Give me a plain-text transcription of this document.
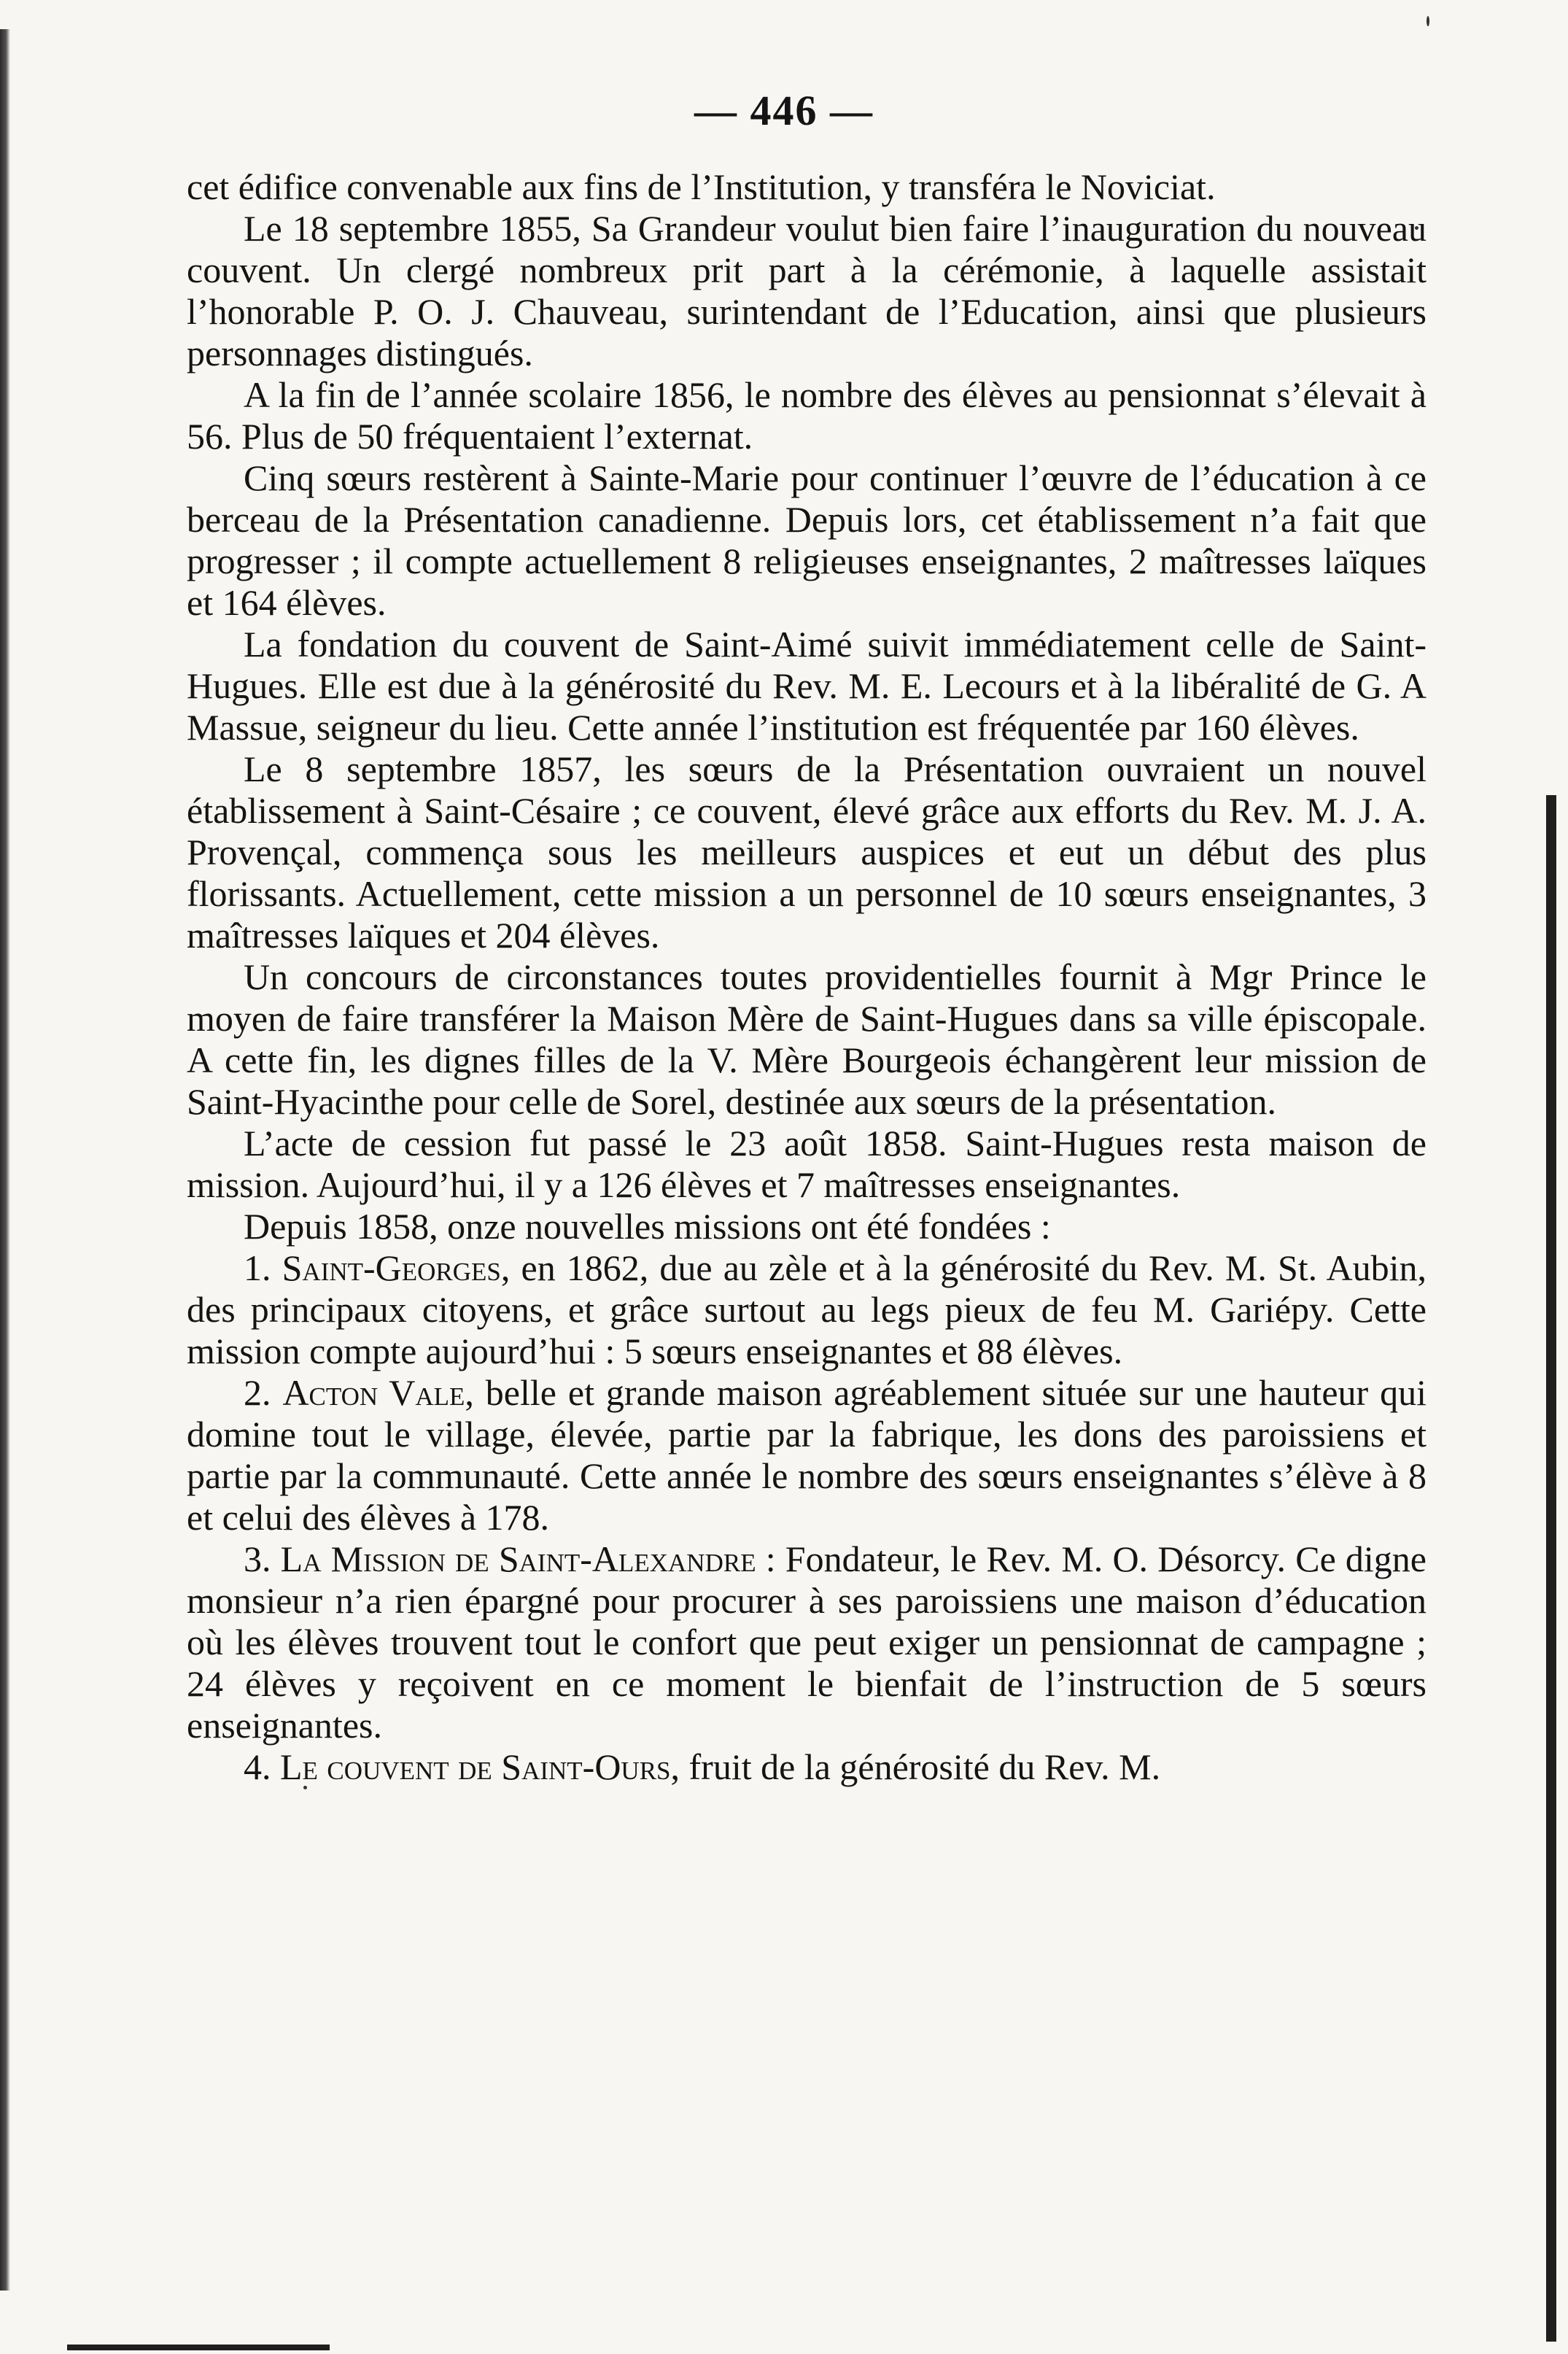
— 446 —

cet édifice convenable aux fins de l’Institution, y transféra le Noviciat.

Le 18 septembre 1855, Sa Grandeur voulut bien faire l’inauguration du nouveau couvent. Un clergé nombreux prit part à la cérémonie, à laquelle assistait l’honorable P. O. J. Chauveau, surintendant de l’Education, ainsi que plusieurs personnages distingués.

A la fin de l’année scolaire 1856, le nombre des élèves au pensionnat s’élevait à 56. Plus de 50 fréquentaient l’externat.

Cinq sœurs restèrent à Sainte-Marie pour continuer l’œuvre de l’éducation à ce berceau de la Présentation canadienne. Depuis lors, cet établissement n’a fait que progresser ; il compte actuellement 8 religieuses enseignantes, 2 maîtresses laïques et 164 élèves.

La fondation du couvent de Saint-Aimé suivit immédiatement celle de Saint-Hugues. Elle est due à la générosité du Rev. M. E. Lecours et à la libéralité de G. A Massue, seigneur du lieu. Cette année l’institution est fréquentée par 160 élèves.

Le 8 septembre 1857, les sœurs de la Présentation ouvraient un nouvel établissement à Saint-Césaire ; ce couvent, élevé grâce aux efforts du Rev. M. J. A. Provençal, commença sous les meilleurs auspices et eut un début des plus florissants. Actuellement, cette mission a un personnel de 10 sœurs enseignantes, 3 maîtresses laïques et 204 élèves.

Un concours de circonstances toutes providentielles fournit à Mgr Prince le moyen de faire transférer la Maison Mère de Saint-Hugues dans sa ville épiscopale. A cette fin, les dignes filles de la V. Mère Bourgeois échangèrent leur mission de Saint-Hyacinthe pour celle de Sorel, destinée aux sœurs de la présentation.

L’acte de cession fut passé le 23 août 1858. Saint-Hugues resta maison de mission. Aujourd’hui, il y a 126 élèves et 7 maîtresses enseignantes.

Depuis 1858, onze nouvelles missions ont été fondées :

1. Saint-Georges, en 1862, due au zèle et à la générosité du Rev. M. St. Aubin, des principaux citoyens, et grâce surtout au legs pieux de feu M. Gariépy. Cette mission compte aujourd’hui : 5 sœurs enseignantes et 88 élèves.

2. Acton Vale, belle et grande maison agréablement située sur une hauteur qui domine tout le village, élevée, partie par la fabrique, les dons des paroissiens et partie par la communauté. Cette année le nombre des sœurs enseignantes s’élève à 8 et celui des élèves à 178.

3. La Mission de Saint-Alexandre : Fondateur, le Rev. M. O. Désorcy. Ce digne monsieur n’a rien épargné pour procurer à ses paroissiens une maison d’éducation où les élèves trouvent tout le confort que peut exiger un pensionnat de campagne ; 24 élèves y reçoivent en ce moment le bienfait de l’instruction de 5 sœurs enseignantes.

4. Le couvent de Saint-Ours, fruit de la générosité du Rev. M.
